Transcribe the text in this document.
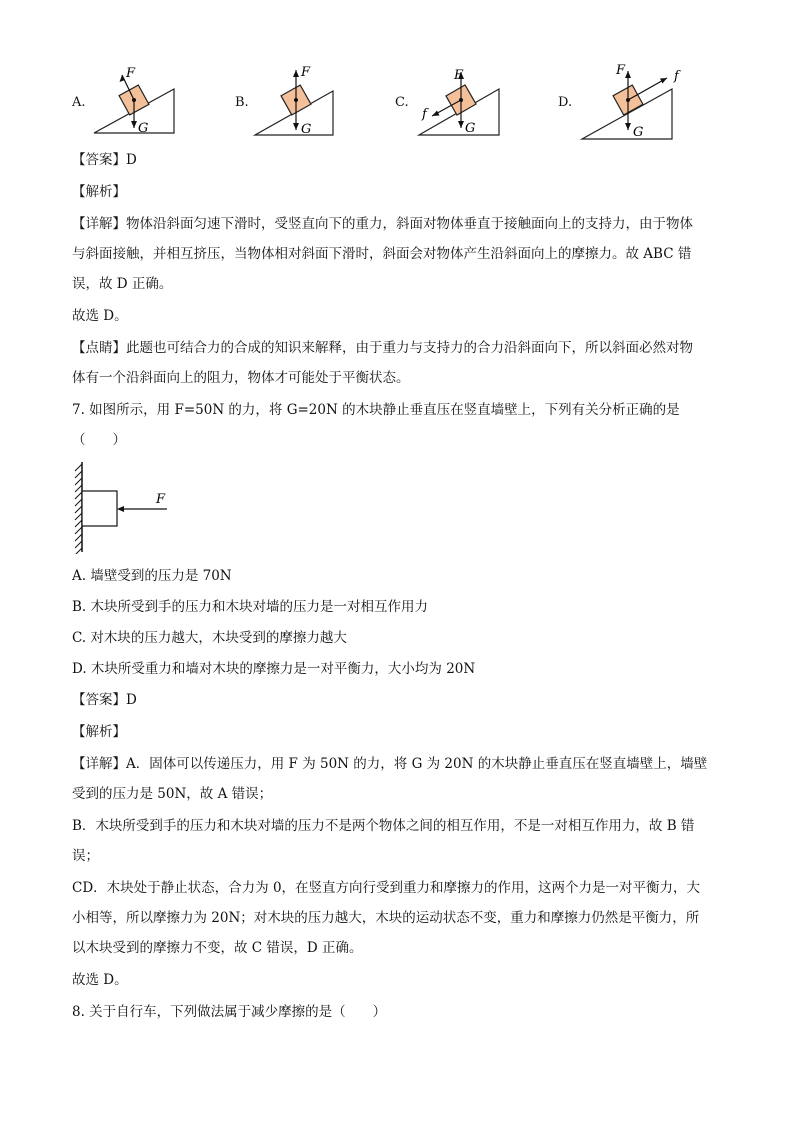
A.
F
G
B.
F
G
C.
F
f
G
D.
F	f
G
【答案】D
【解析】
【详解】物体沿斜面匀速下滑时，受竖直向下的重力，斜面对物体垂直于接触面向上的支持力，由于物体
与斜面接触，并相互挤压，当物体相对斜面下滑时，斜面会对物体产生沿斜面向上的摩擦力。故 ABC 错
误，故 D 正确。
故选 D。
【点睛】此题也可结合力的合成的知识来解释，由于重力与支持力的合力沿斜面向下，所以斜面必然对物
体有一个沿斜面向上的阻力，物体才可能处于平衡状态。
7. 如图所示，用 F=50N 的力，将 G=20N 的木块静止垂直压在竖直墙壁上，下列有关分析正确的是
（　　）
F
A. 墙壁受到的压力是 70N
B. 木块所受到手的压力和木块对墙的压力是一对相互作用力
C. 对木块的压力越大，木块受到的摩擦力越大
D. 木块所受重力和墙对木块的摩擦力是一对平衡力，大小均为 20N
【答案】D
【解析】
【详解】A．固体可以传递压力，用 F 为 50N 的力，将 G 为 20N 的木块静止垂直压在竖直墙壁上，墙壁
受到的压力是 50N，故 A 错误；
B．木块所受到手的压力和木块对墙的压力不是两个物体之间的相互作用，不是一对相互作用力，故 B 错
误；
CD．木块处于静止状态，合力为 0，在竖直方向行受到重力和摩擦力的作用，这两个力是一对平衡力，大
小相等，所以摩擦力为 20N；对木块的压力越大，木块的运动状态不变，重力和摩擦力仍然是平衡力，所
以木块受到的摩擦力不变，故 C 错误，D 正确。
故选 D。
8. 关于自行车，下列做法属于减少摩擦的是（　　）
